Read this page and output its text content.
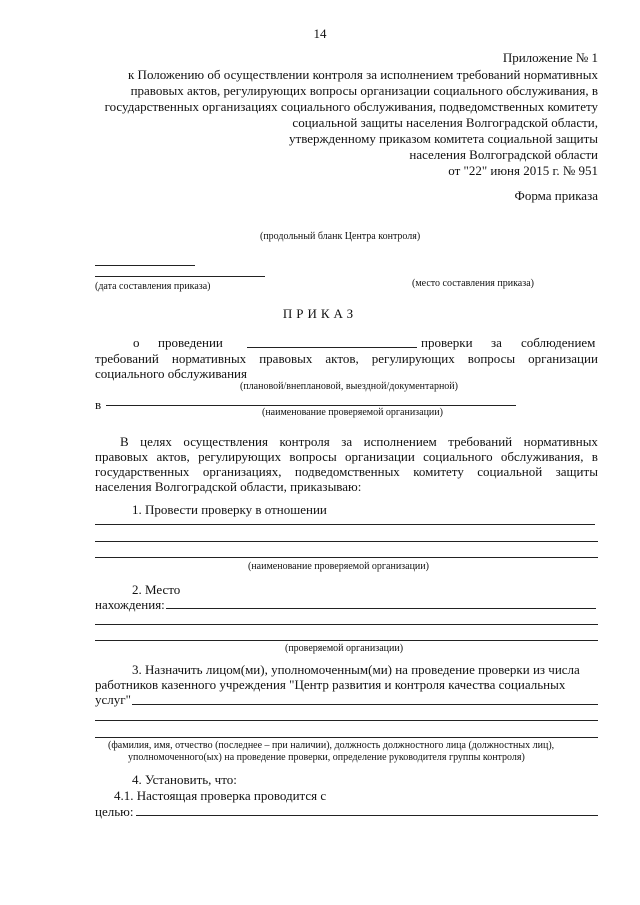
14
Приложение № 1
к Положению об осуществлении контроля за исполнением требований нормативных
правовых актов, регулирующих вопросы организации социального обслуживания, в
государственных организациях социального обслуживания, подведомственных комитету
социальной защиты населения Волгоградской области,
утвержденному приказом комитета социальной защиты
населения Волгоградской области
от "22" июня 2015 г. № 951
Форма приказа
(продольный бланк Центра контроля)
(дата составления приказа)	(место составления приказа)
ПРИКАЗ
о проведении	проверки за соблюдением
требований нормативных правовых актов, регулирующих вопросы организации
социального обслуживания
(плановой/внеплановой, выездной/документарной)
в
(наименование проверяемой организации)
В целях осуществления контроля за исполнением требований нормативных
правовых актов, регулирующих вопросы организации социального обслуживания, в
государственных организациях, подведомственных комитету социальной защиты
населения Волгоградской области, приказываю:
1. Провести проверку в отношении
(наименование проверяемой организации)
2. Место
нахождения:
(проверяемой организации)
3. Назначить лицом(ми), уполномоченным(ми) на проведение проверки из числа
работников казенного учреждения "Центр развития и контроля качества социальных
услуг"
(фамилия, имя, отчество (последнее – при наличии), должность должностного лица (должностных лиц),
уполномоченного(ых) на проведение проверки, определение руководителя группы контроля)
4. Установить, что:
4.1. Настоящая проверка проводится с
целью:
